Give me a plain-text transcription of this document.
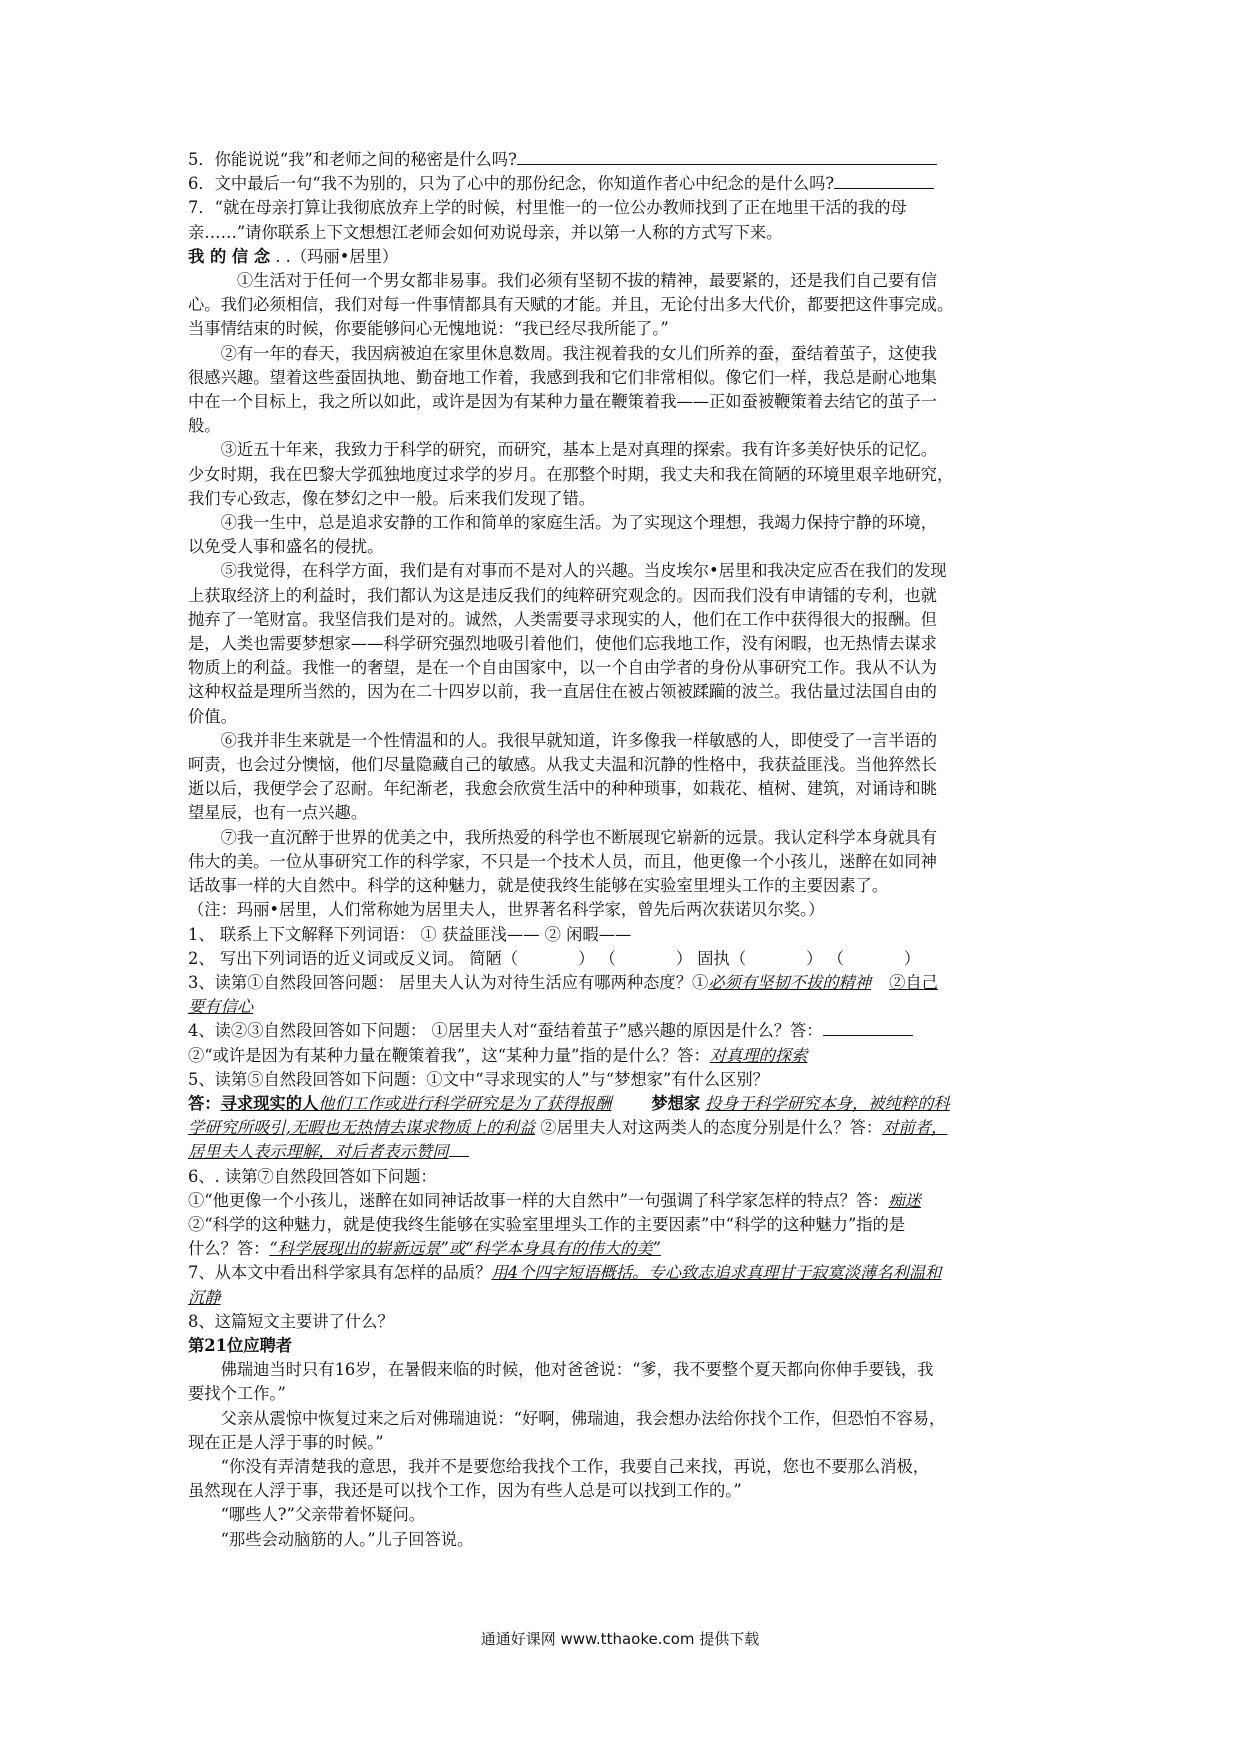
5．你能说说“我”和老师之间的秘密是什么吗?

6．文中最后一句“我不为别的，只为了心中的那份纪念，你知道作者心中纪念的是什么吗?

7．“就在母亲打算让我彻底放弃上学的时候，村里惟一的一位公办教师找到了正在地里干活的我的母

亲……”请你联系上下文想想江老师会如何劝说母亲，并以第一人称的方式写下来。

我 的 信 念 . .（玛丽•居里）

①生活对于任何一个男女都非易事。我们必须有坚韧不拔的精神，最要紧的，还是我们自己要有信

心。我们必须相信，我们对每一件事情都具有天赋的才能。并且，无论付出多大代价，都要把这件事完成。

当事情结束的时候，你要能够问心无愧地说：“我已经尽我所能了。”

②有一年的春天，我因病被迫在家里休息数周。我注视着我的女儿们所养的蚕，蚕结着茧子，这使我

很感兴趣。望着这些蚕固执地、勤奋地工作着，我感到我和它们非常相似。像它们一样，我总是耐心地集

中在一个目标上，我之所以如此，或许是因为有某种力量在鞭策着我——正如蚕被鞭策着去结它的茧子一

般。

③近五十年来，我致力于科学的研究，而研究，基本上是对真理的探索。我有许多美好快乐的记忆。

少女时期，我在巴黎大学孤独地度过求学的岁月。在那整个时期，我丈夫和我在简陋的环境里艰辛地研究，

我们专心致志，像在梦幻之中一般。后来我们发现了错。

④我一生中，总是追求安静的工作和简单的家庭生活。为了实现这个理想，我竭力保持宁静的环境，

以免受人事和盛名的侵扰。

⑤我觉得，在科学方面，我们是有对事而不是对人的兴趣。当皮埃尔•居里和我决定应否在我们的发现

上获取经济上的利益时，我们都认为这是违反我们的纯粹研究观念的。因而我们没有申请镭的专利，也就

抛弃了一笔财富。我坚信我们是对的。诚然，人类需要寻求现实的人，他们在工作中获得很大的报酬。但

是，人类也需要梦想家——科学研究强烈地吸引着他们，使他们忘我地工作，没有闲暇，也无热情去谋求

物质上的利益。我惟一的奢望，是在一个自由国家中，以一个自由学者的身份从事研究工作。我从不认为

这种权益是理所当然的，因为在二十四岁以前，我一直居住在被占领被蹂躏的波兰。我估量过法国自由的

价值。

⑥我并非生来就是一个性情温和的人。我很早就知道，许多像我一样敏感的人，即使受了一言半语的

呵责，也会过分懊恼，他们尽量隐藏自己的敏感。从我丈夫温和沉静的性格中，我获益匪浅。当他猝然长

逝以后，我便学会了忍耐。年纪渐老，我愈会欣赏生活中的种种琐事，如栽花、植树、建筑，对诵诗和眺

望星辰，也有一点兴趣。

⑦我一直沉醉于世界的优美之中，我所热爱的科学也不断展现它崭新的远景。我认定科学本身就具有

伟大的美。一位从事研究工作的科学家，不只是一个技术人员，而且，他更像一个小孩儿，迷醉在如同神

话故事一样的大自然中。科学的这种魅力，就是使我终生能够在实验室里埋头工作的主要因素了。

（注：玛丽•居里，人们常称她为居里夫人，世界著名科学家，曾先后两次获诺贝尔奖。）

1、 联系上下文解释下列词语： ① 获益匪浅—— ② 闲暇——

2、 写出下列词语的近义词或反义词。 简陋（	） （	） 固执（	） （	）

3、读第①自然段回答问题： 居里夫人认为对待生活应有哪两种态度？①必须有坚韧不拔的精神 ②自己

要有信心

4、读②③自然段回答如下问题： ①居里夫人对“蚕结着茧子”感兴趣的原因是什么？答：

②“或许是因为有某种力量在鞭策着我”，这“某种力量”指的是什么？答：对真理的探索

5、读第⑤自然段回答如下问题：①文中“寻求现实的人”与“梦想家”有什么区别？

答：寻求现实的人他们工作或进行科学研究是为了获得报酬 梦想家 投身于科学研究本身，被纯粹的科

学研究所吸引,无暇也无热情去谋求物质上的利益 ②居里夫人对这两类人的态度分别是什么？答：对前者，

居里夫人表示理解，对后者表示赞同

6、. 读第⑦自然段回答如下问题：

①“他更像一个小孩儿，迷醉在如同神话故事一样的大自然中”一句强调了科学家怎样的特点？答：痴迷

②“科学的这种魅力，就是使我终生能够在实验室里埋头工作的主要因素”中“科学的这种魅力”指的是

什么？答：“科学展现出的崭新远景”或“科学本身具有的伟大的美”

7、从本文中看出科学家具有怎样的品质？用4个四字短语概括。专心致志追求真理甘于寂寞淡薄名利温和

沉静

8、这篇短文主要讲了什么？

第21位应聘者

佛瑞迪当时只有16岁，在暑假来临的时候，他对爸爸说：“爹，我不要整个夏天都向你伸手要钱，我

要找个工作。”

父亲从震惊中恢复过来之后对佛瑞迪说：“好啊，佛瑞迪，我会想办法给你找个工作，但恐怕不容易，

现在正是人浮于事的时候。”

“你没有弄清楚我的意思，我并不是要您给我找个工作，我要自己来找，再说，您也不要那么消极，

虽然现在人浮于事，我还是可以找个工作，因为有些人总是可以找到工作的。”

“哪些人?”父亲带着怀疑问。

“那些会动脑筋的人。”儿子回答说。

通通好课网 www.tthaoke.com 提供下载
